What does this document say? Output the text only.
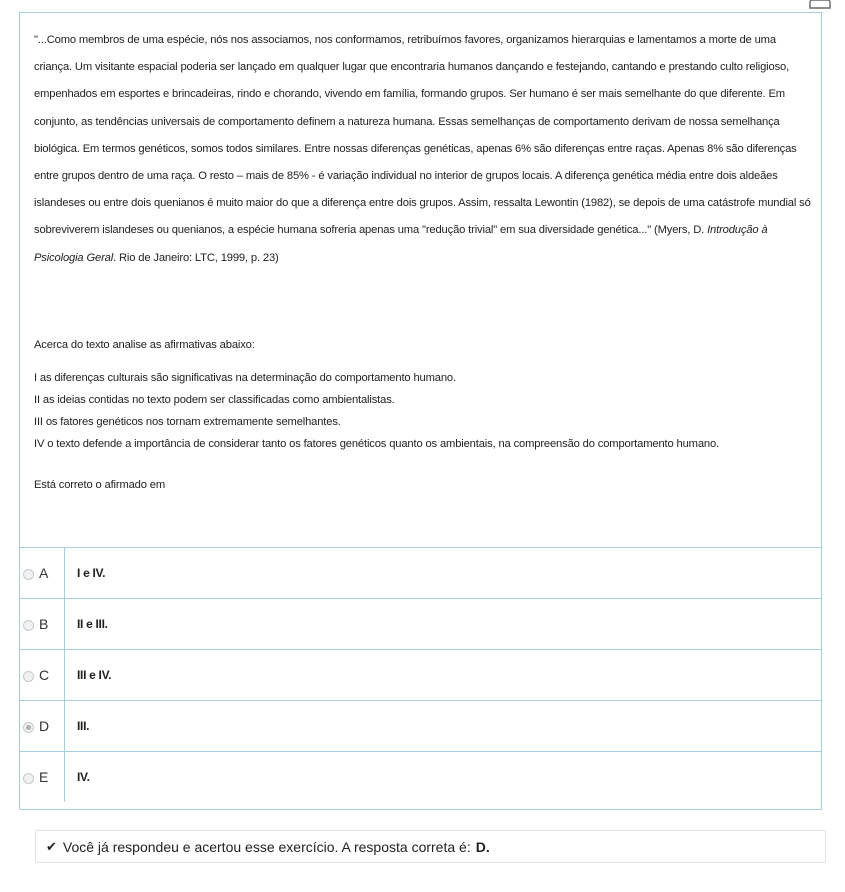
"...Como membros de uma espécie, nós nos associamos, nos conformamos, retribuímos favores, organizamos hierarquias e lamentamos a morte de uma criança. Um visitante espacial poderia ser lançado em qualquer lugar que encontraria humanos dançando e festejando, cantando e prestando culto religioso, empenhados em esportes e brincadeiras, rindo e chorando, vivendo em família, formando grupos. Ser humano é ser mais semelhante do que diferente. Em conjunto, as tendências universais de comportamento definem a natureza humana. Essas semelhanças de comportamento derivam de nossa semelhança biológica. Em termos genéticos, somos todos similares. Entre nossas diferenças genéticas, apenas 6% são diferenças entre raças. Apenas 8% são diferenças entre grupos dentro de uma raça. O resto – mais de 85% - é variação individual no interior de grupos locais. A diferença genética média entre dois aldeães islandeses ou entre dois quenianos é muito maior do que a diferença entre dois grupos. Assim, ressalta Lewontin (1982), se depois de uma catástrofe mundial só sobreviverem islandeses ou quenianos, a espécie humana sofreria apenas uma "redução trivial" em sua diversidade genética..." (Myers, D. Introdução à Psicologia Geral. Rio de Janeiro: LTC, 1999, p. 23)

Acerca do texto analise as afirmativas abaixo:

I as diferenças culturais são significativas na determinação do comportamento humano.

II as ideias contidas no texto podem ser classificadas como ambientalistas.

III os fatores genéticos nos tornam extremamente semelhantes.

IV o texto defende a importância de considerar tanto os fatores genéticos quanto os ambientais, na compreensão do comportamento humano.

Está correto o afirmado em

A	I e IV.
B	II e III.
C	III e IV.
D	III.
E	IV.
✔ Você já respondeu e acertou esse exercício. A resposta correta é: D.
